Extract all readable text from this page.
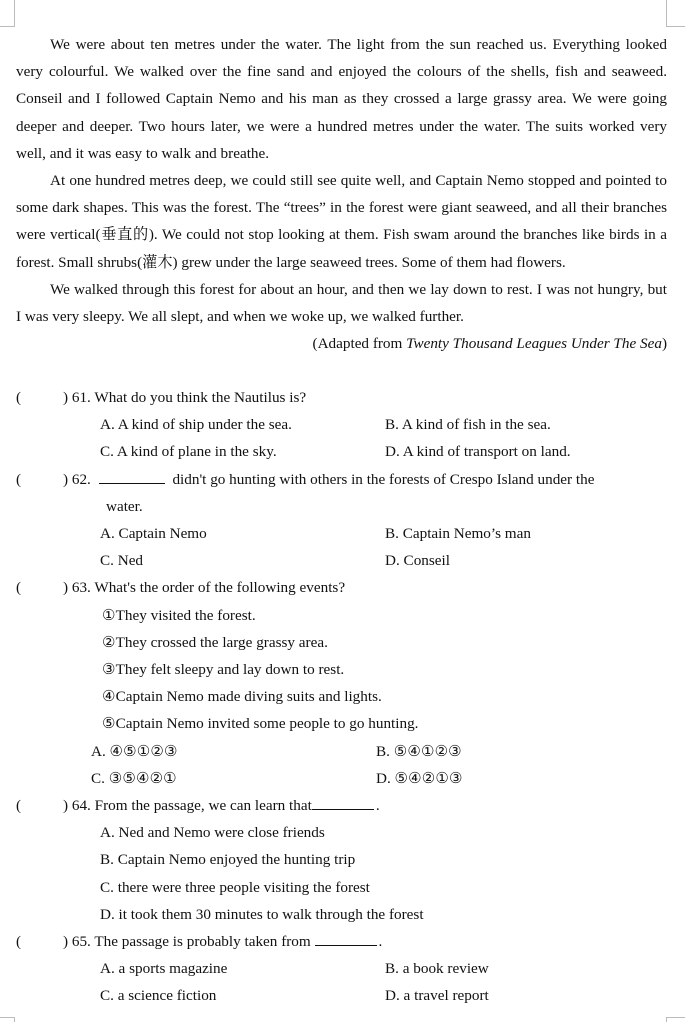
We were about ten metres under the water. The light from the sun reached us. Everything looked very colourful. We walked over the fine sand and enjoyed the colours of the shells, fish and seaweed. Conseil and I followed Captain Nemo and his man as they crossed a large grassy area. We were going deeper and deeper. Two hours later, we were a hundred metres under the water. The suits worked very well, and it was easy to walk and breathe.

At one hundred metres deep, we could still see quite well, and Captain Nemo stopped and pointed to some dark shapes. This was the forest. The “trees” in the forest were giant seaweed, and all their branches were vertical(垂直的). We could not stop looking at them. Fish swam around the branches like birds in a forest. Small shrubs(灌木) grew under the large seaweed trees. Some of them had flowers.

We walked through this forest for about an hour, and then we lay down to rest. I was not hungry, but I was very sleepy. We all slept, and when we woke up, we walked further.

(Adapted from Twenty Thousand Leagues Under The Sea)

(	) 61. What do you think the Nautilus is?
A. A kind of ship under the sea.	B. A kind of fish in the sea.
C. A kind of plane in the sky.	D. A kind of transport on land.
(	) 62.	didn't go hunting with others in the forests of Crespo Island under the
water.
A. Captain Nemo	B. Captain Nemo’s man
C. Ned	D. Conseil
(	) 63. What's the order of the following events?
①They visited the forest.
②They crossed the large grassy area.
③They felt sleepy and lay down to rest.
④Captain Nemo made diving suits and lights.
⑤Captain Nemo invited some people to go hunting.
A. ④⑤①②③	B. ⑤④①②③
C. ③⑤④②①	D. ⑤④②①③
(	) 64. From the passage, we can learn that	.
A. Ned and Nemo were close friends
B. Captain Nemo enjoyed the hunting trip
C. there were three people visiting the forest
D. it took them 30 minutes to walk through the forest
(	) 65. The passage is probably taken from	.
A. a sports magazine	B. a book review
C. a science fiction	D. a travel report
